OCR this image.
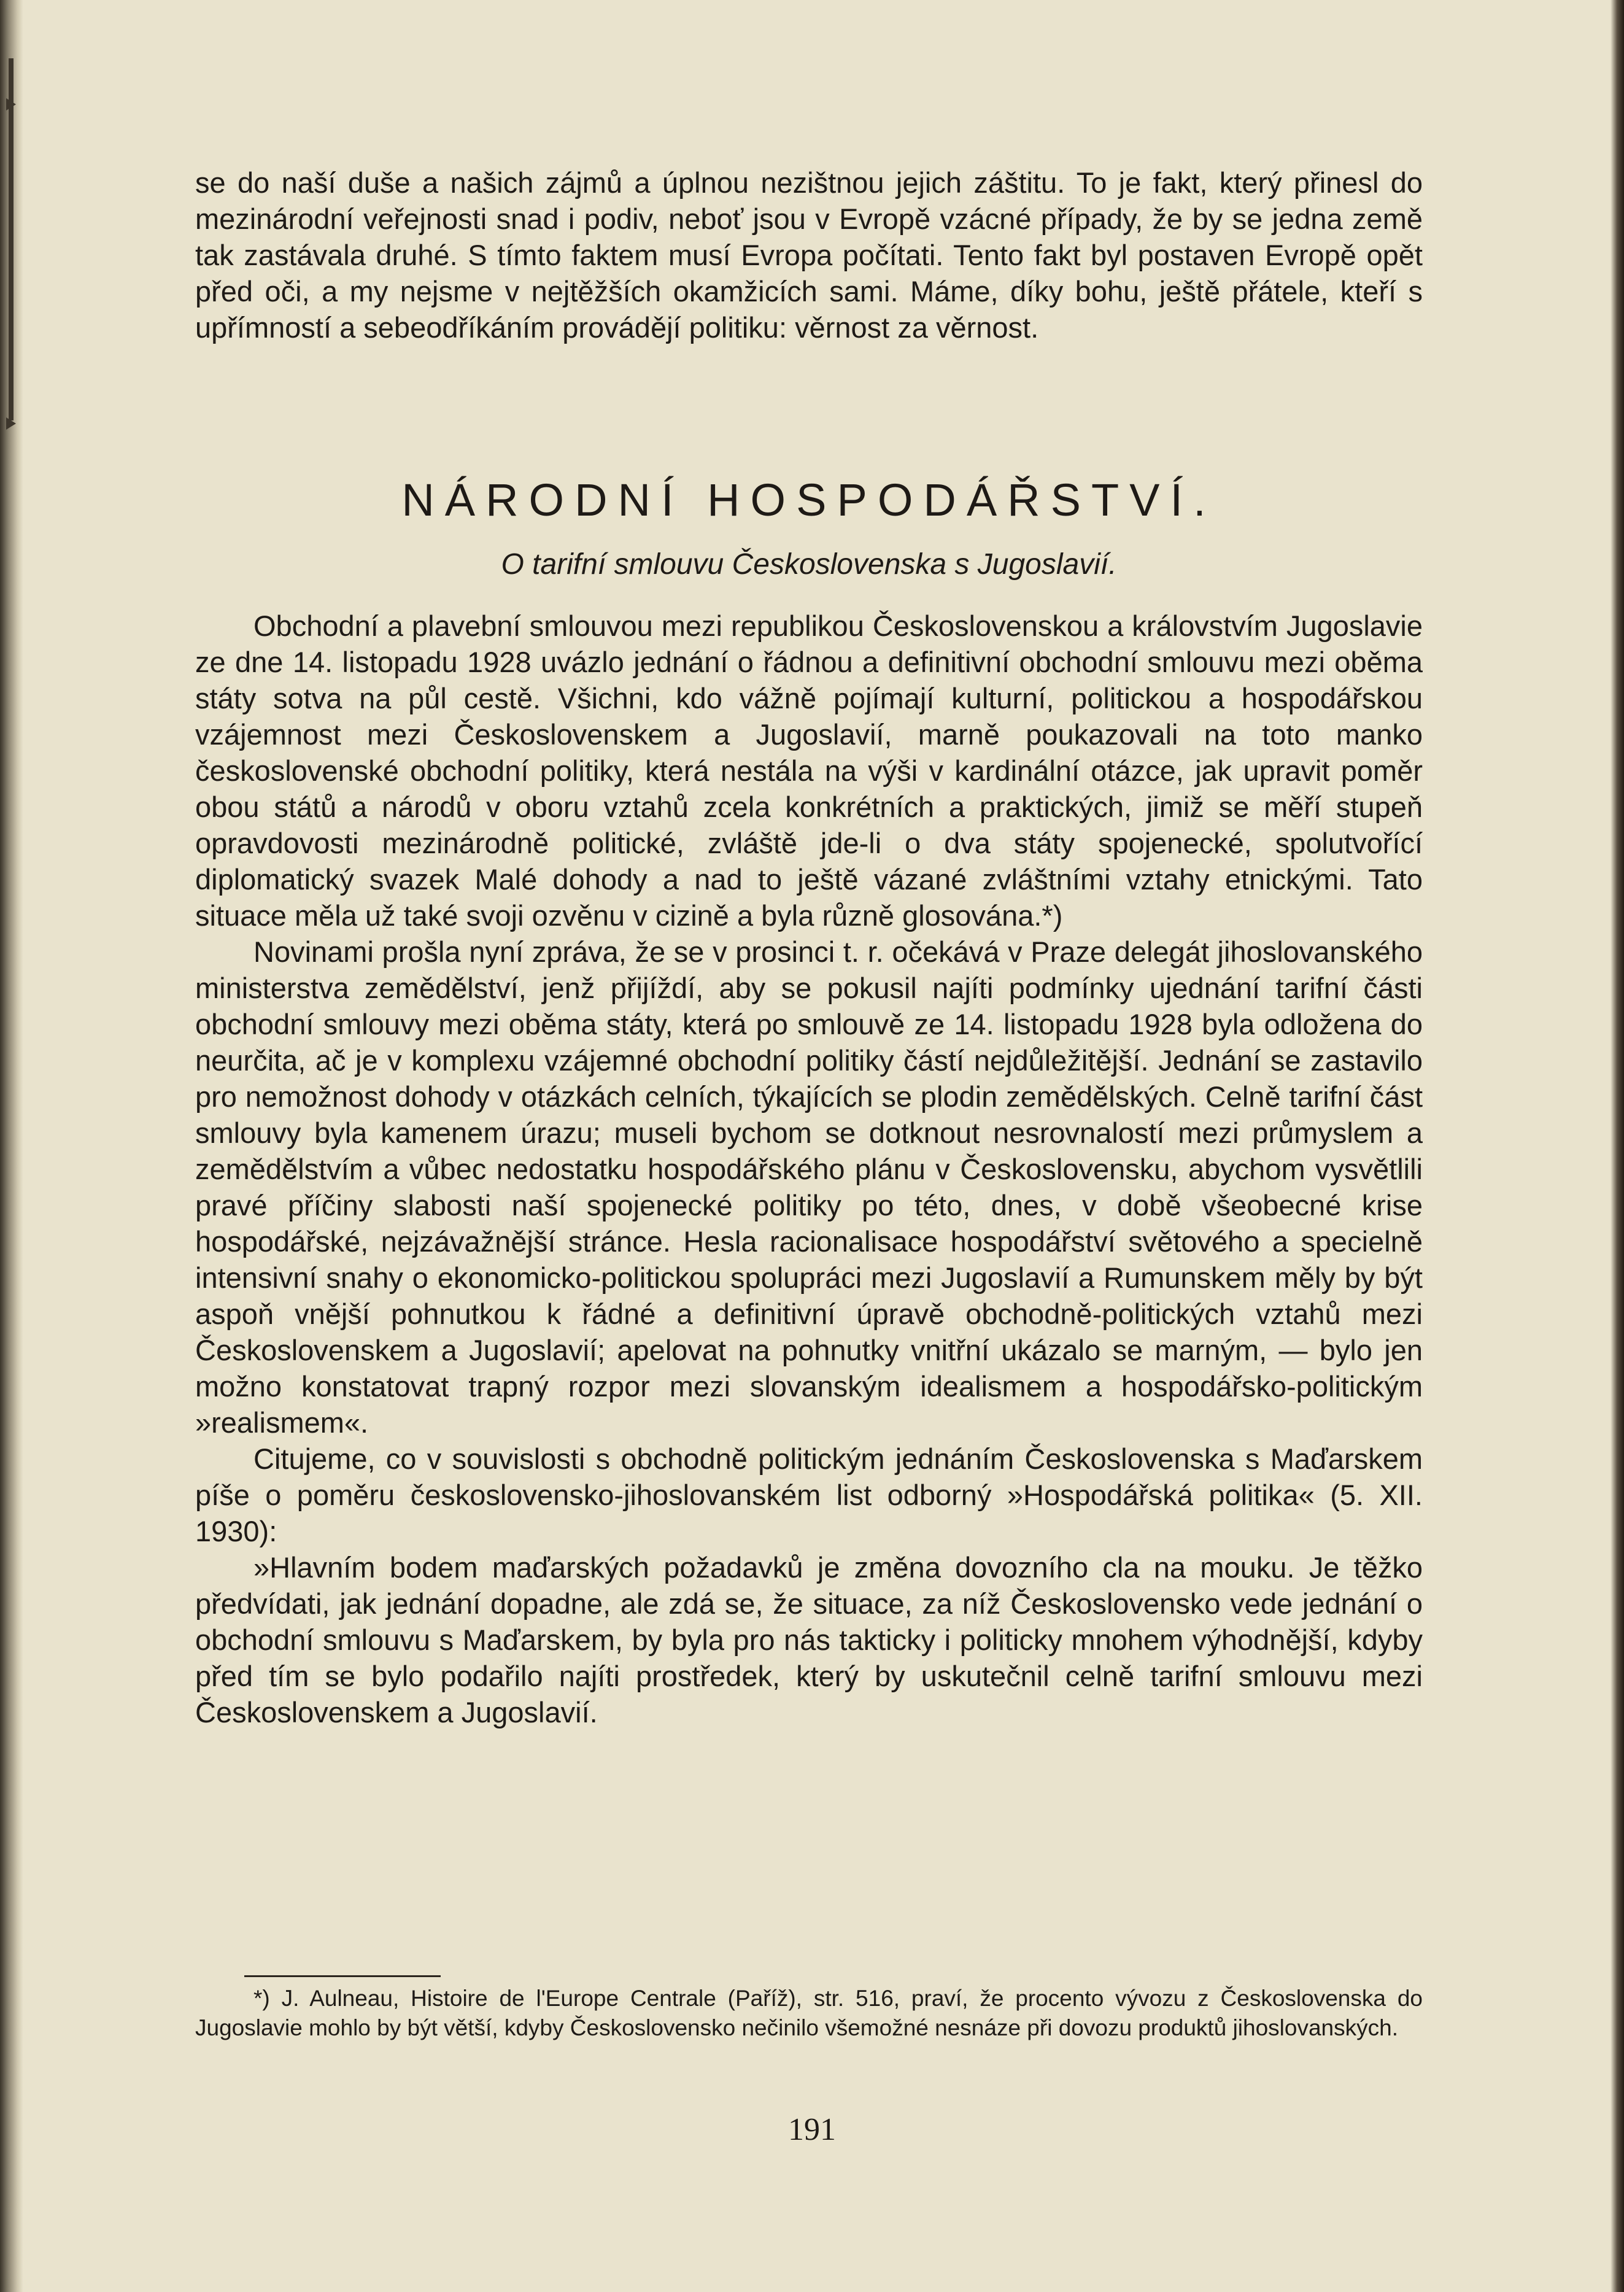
se do naší duše a našich zájmů a úplnou nezištnou jejich záštitu. To je fakt, který přinesl do mezinárodní veřejnosti snad i podiv, neboť jsou v Evropě vzácné případy, že by se jedna země tak zastávala druhé. S tímto faktem musí Evropa počítati. Tento fakt byl postaven Evropě opět před oči, a my nejsme v nejtěžších okamžicích sami. Máme, díky bohu, ještě přátele, kteří s upřímností a sebeodříkáním provádějí politiku: věrnost za věrnost.

NÁRODNÍ HOSPODÁŘSTVÍ.
O tarifní smlouvu Československa s Jugoslavií.

Obchodní a plavební smlouvou mezi republikou Československou a královstvím Jugoslavie ze dne 14. listopadu 1928 uvázlo jednání o řádnou a definitivní obchodní smlouvu mezi oběma státy sotva na půl cestě. Všichni, kdo vážně pojímají kulturní, politickou a hospodářskou vzájemnost mezi Československem a Jugoslavií, marně poukazovali na toto manko československé obchodní politiky, která nestála na výši v kardinální otázce, jak upravit poměr obou států a národů v oboru vztahů zcela konkrétních a praktických, jimiž se měří stupeň opravdovosti mezinárodně politické, zvláště jde-li o dva státy spojenecké, spolutvořící diplomatický svazek Malé dohody a nad to ještě vázané zvláštními vztahy etnickými. Tato situace měla už také svoji ozvěnu v cizině a byla různě glosována.*)

Novinami prošla nyní zpráva, že se v prosinci t. r. očekává v Praze delegát jihoslovanského ministerstva zemědělství, jenž přijíždí, aby se pokusil najíti podmínky ujednání tarifní části obchodní smlouvy mezi oběma státy, která po smlouvě ze 14. listopadu 1928 byla odložena do neurčita, ač je v komplexu vzájemné obchodní politiky částí nejdůležitější. Jednání se zastavilo pro nemožnost dohody v otázkách celních, týkajících se plodin zemědělských. Celně tarifní část smlouvy byla kamenem úrazu; museli bychom se dotknout nesrovnalostí mezi průmyslem a zemědělstvím a vůbec nedostatku hospodářského plánu v Československu, abychom vysvětlili pravé příčiny slabosti naší spojenecké politiky po této, dnes, v době všeobecné krise hospodářské, nejzávažnější stránce. Hesla racionalisace hospodářství světového a specielně intensivní snahy o ekonomicko-politickou spolupráci mezi Jugoslavií a Rumunskem měly by být aspoň vnější pohnutkou k řádné a definitivní úpravě obchodně-politických vztahů mezi Československem a Jugoslavií; apelovat na pohnutky vnitřní ukázalo se marným, — bylo jen možno konstatovat trapný rozpor mezi slovanským idealismem a hospodářsko-politickým »realismem«.

Citujeme, co v souvislosti s obchodně politickým jednáním Československa s Maďarskem píše o poměru československo-jihoslovanském list odborný »Hospodářská politika« (5. XII. 1930):

»Hlavním bodem maďarských požadavků je změna dovozního cla na mouku. Je těžko předvídati, jak jednání dopadne, ale zdá se, že situace, za níž Československo vede jednání o obchodní smlouvu s Maďarskem, by byla pro nás takticky i politicky mnohem výhodnější, kdyby před tím se bylo podařilo najíti prostředek, který by uskutečnil celně tarifní smlouvu mezi Československem a Jugoslavií.

*) J. Aulneau, Histoire de l'Europe Centrale (Paříž), str. 516, praví, že procento vývozu z Československa do Jugoslavie mohlo by být větší, kdyby Československo nečinilo všemožné nesnáze při dovozu produktů jihoslovanských.

191
